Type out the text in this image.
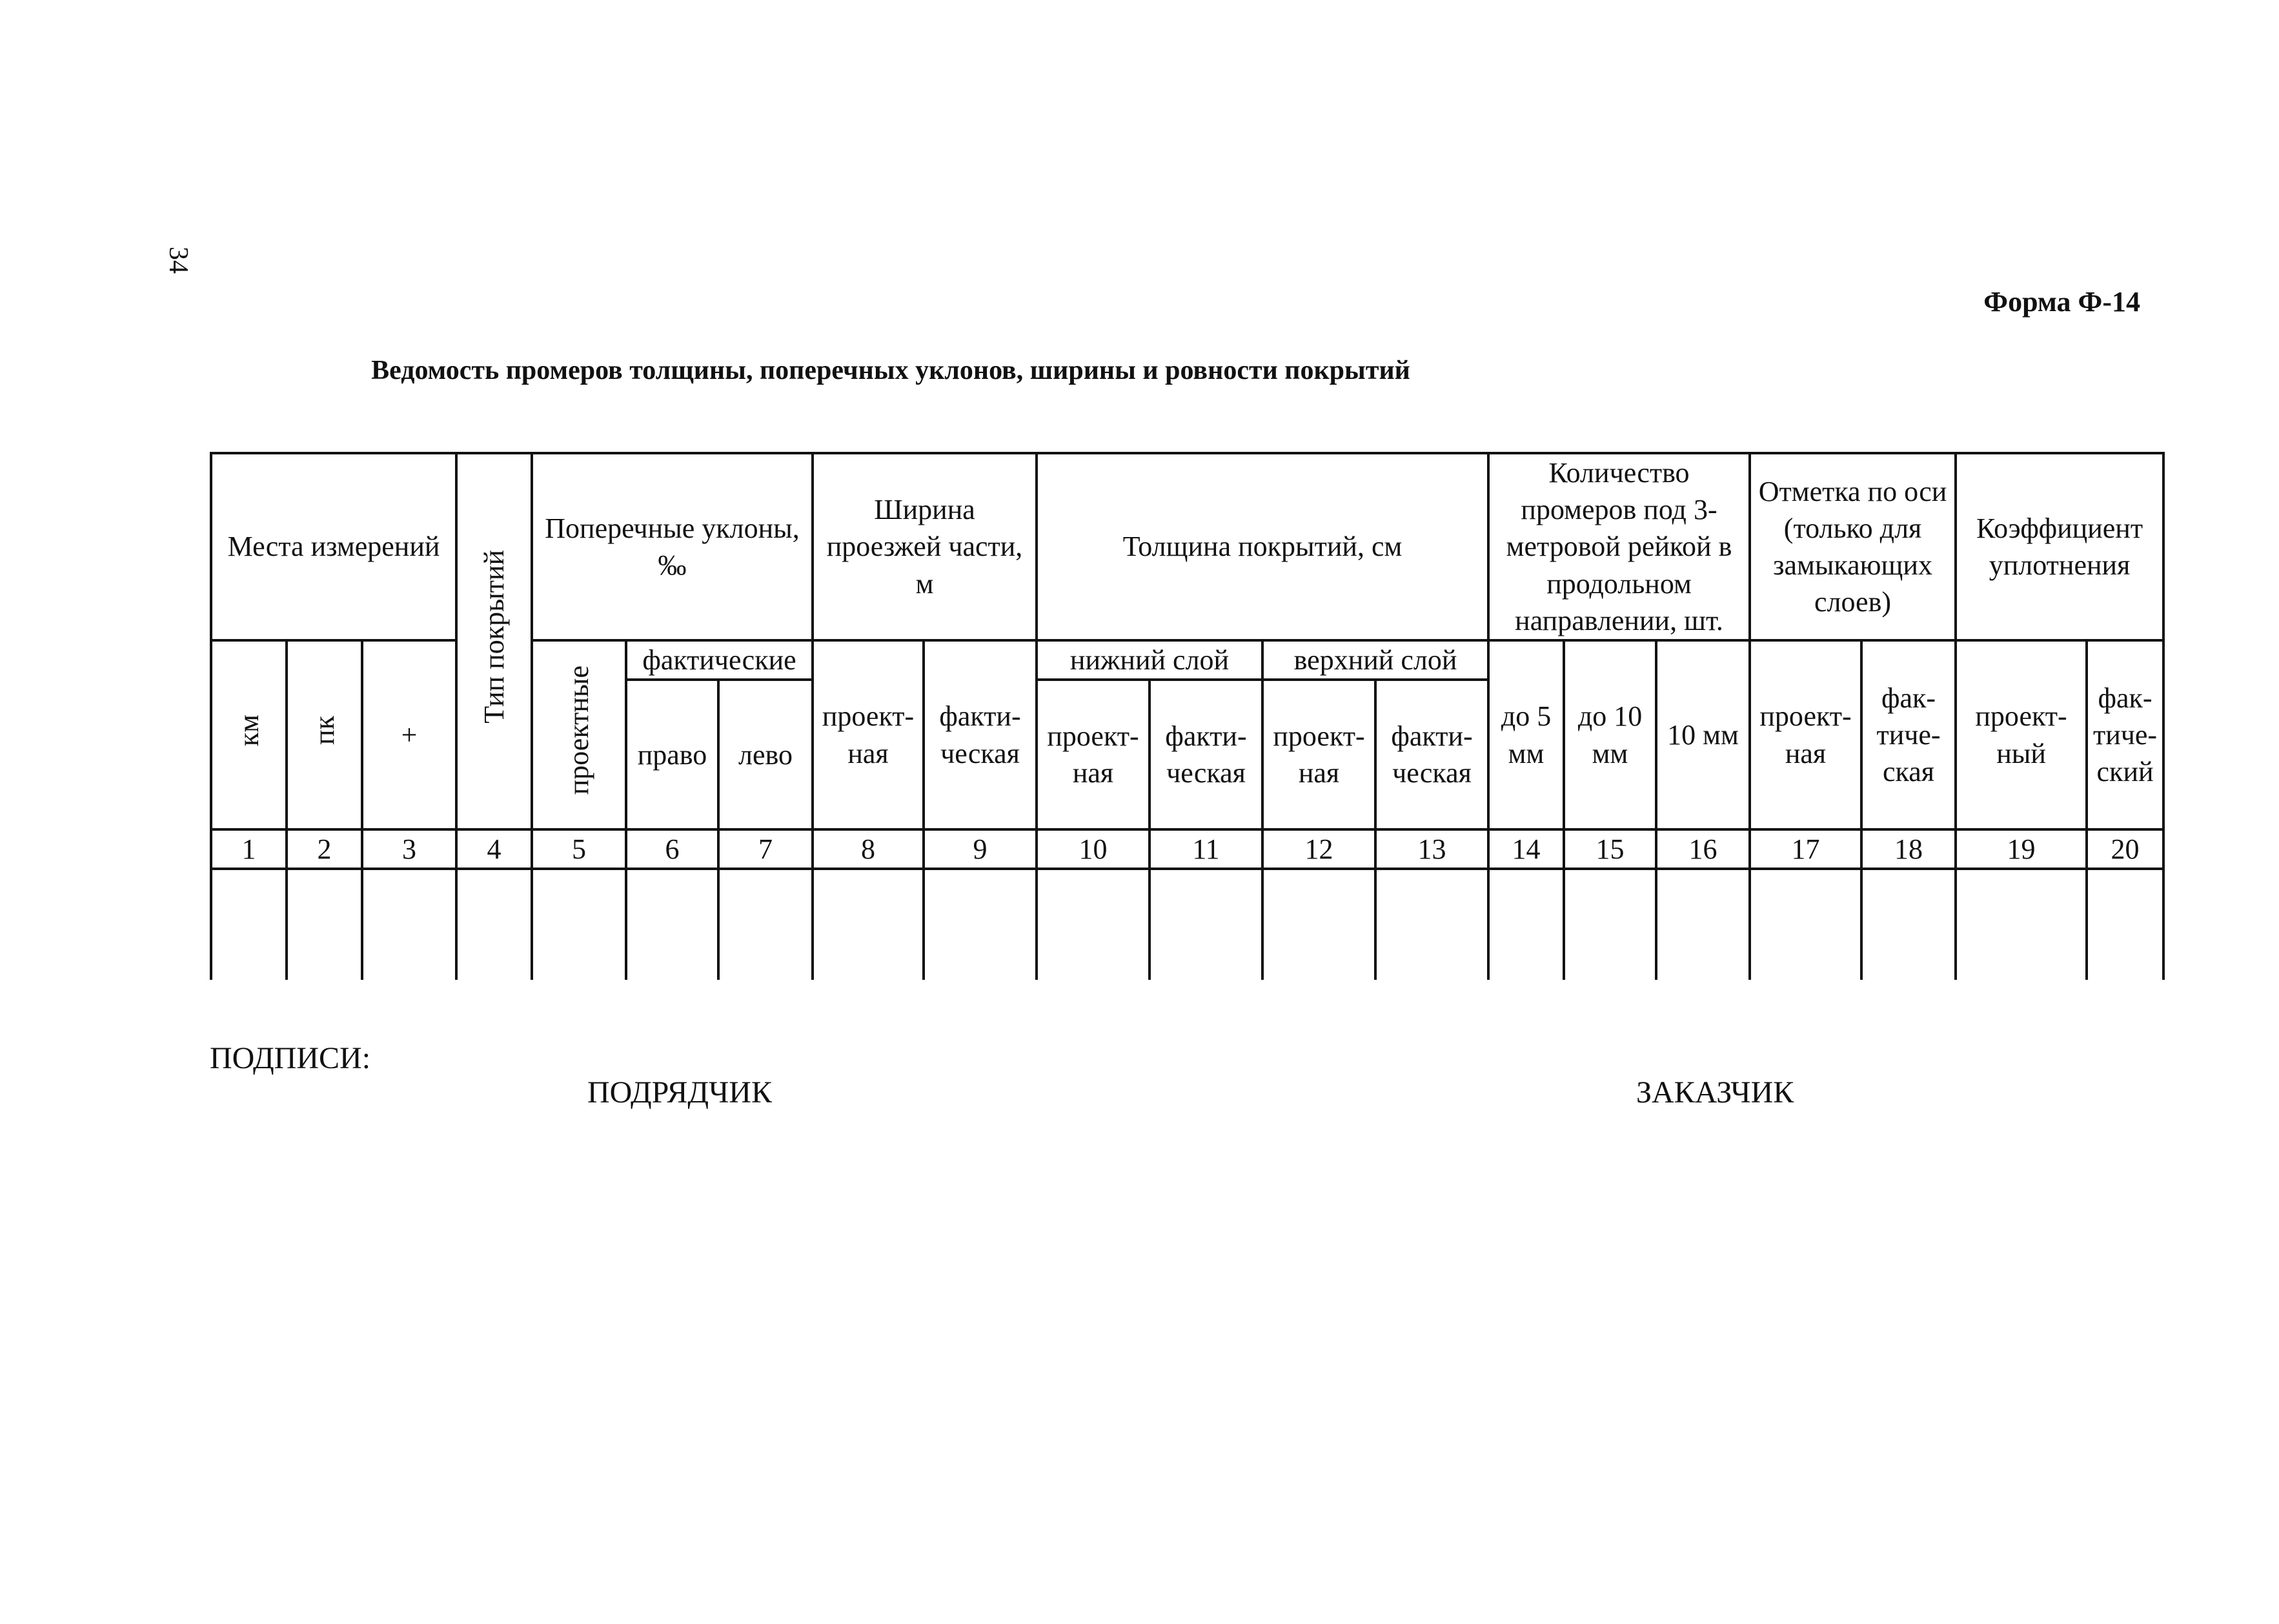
34
Форма Ф-14
Ведомость промеров толщины, поперечных уклонов, ширины и ровности покрытий
Места измерений			Тип покрытий	Поперечные уклоны, ‰			Ширина проезжей части, м		Толщина покрытий, см				Количество промеров под 3-метровой рейкой в продольном направлении, шт.			Отметка по оси (только для замыкающих слоев)		Коэффициент уплотнения	
км	пк	+		проектные	фактические		проект-ная	факти-ческая	нижний слой		верхний слой		до 5 мм	до 10 мм	10 мм	проект-ная	фак-тиче-ская	проект-ный	фак-тиче-ский
					право	лево			проект-ная	факти-ческая	проект-ная	факти-ческая							
1	2	3	4	5	6	7	8	9	10	11	12	13	14	15	16	17	18	19	20

ПОДПИСИ:
ПОДРЯДЧИК	ЗАКАЗЧИК
